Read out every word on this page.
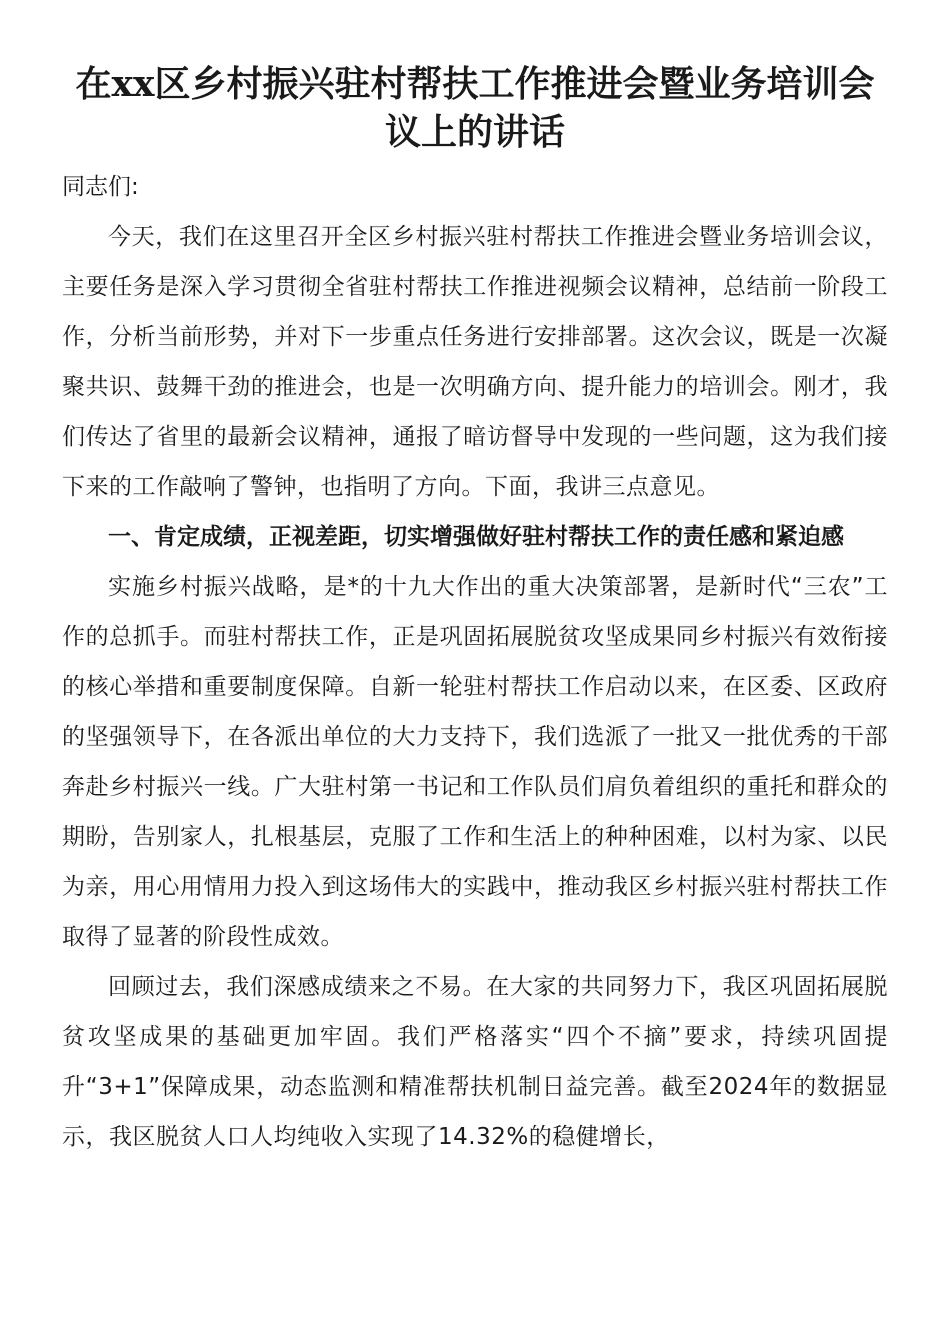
在xx区乡村振兴驻村帮扶工作推进会暨业务培训会议上的讲话

同志们:

今天，我们在这里召开全区乡村振兴驻村帮扶工作推进会暨业务培训会议，主要任务是深入学习贯彻全省驻村帮扶工作推进视频会议精神，总结前一阶段工作，分析当前形势，并对下一步重点任务进行安排部署。这次会议，既是一次凝聚共识、鼓舞干劲的推进会，也是一次明确方向、提升能力的培训会。刚才，我们传达了省里的最新会议精神，通报了暗访督导中发现的一些问题，这为我们接下来的工作敲响了警钟，也指明了方向。下面，我讲三点意见。

一、肯定成绩，正视差距，切实增强做好驻村帮扶工作的责任感和紧迫感

实施乡村振兴战略，是*的十九大作出的重大决策部署，是新时代“三农”工作的总抓手。而驻村帮扶工作，正是巩固拓展脱贫攻坚成果同乡村振兴有效衔接的核心举措和重要制度保障。自新一轮驻村帮扶工作启动以来，在区委、区政府的坚强领导下，在各派出单位的大力支持下，我们选派了一批又一批优秀的干部奔赴乡村振兴一线。广大驻村第一书记和工作队员们肩负着组织的重托和群众的期盼，告别家人，扎根基层，克服了工作和生活上的种种困难，以村为家、以民为亲，用心用情用力投入到这场伟大的实践中，推动我区乡村振兴驻村帮扶工作取得了显著的阶段性成效。

回顾过去，我们深感成绩来之不易。在大家的共同努力下，我区巩固拓展脱贫攻坚成果的基础更加牢固。我们严格落实“四个不摘”要求，持续巩固提升“3+1”保障成果，动态监测和精准帮扶机制日益完善。截至2024年的数据显示，我区脱贫人口人均纯收入实现了14.32%的稳健增长，
